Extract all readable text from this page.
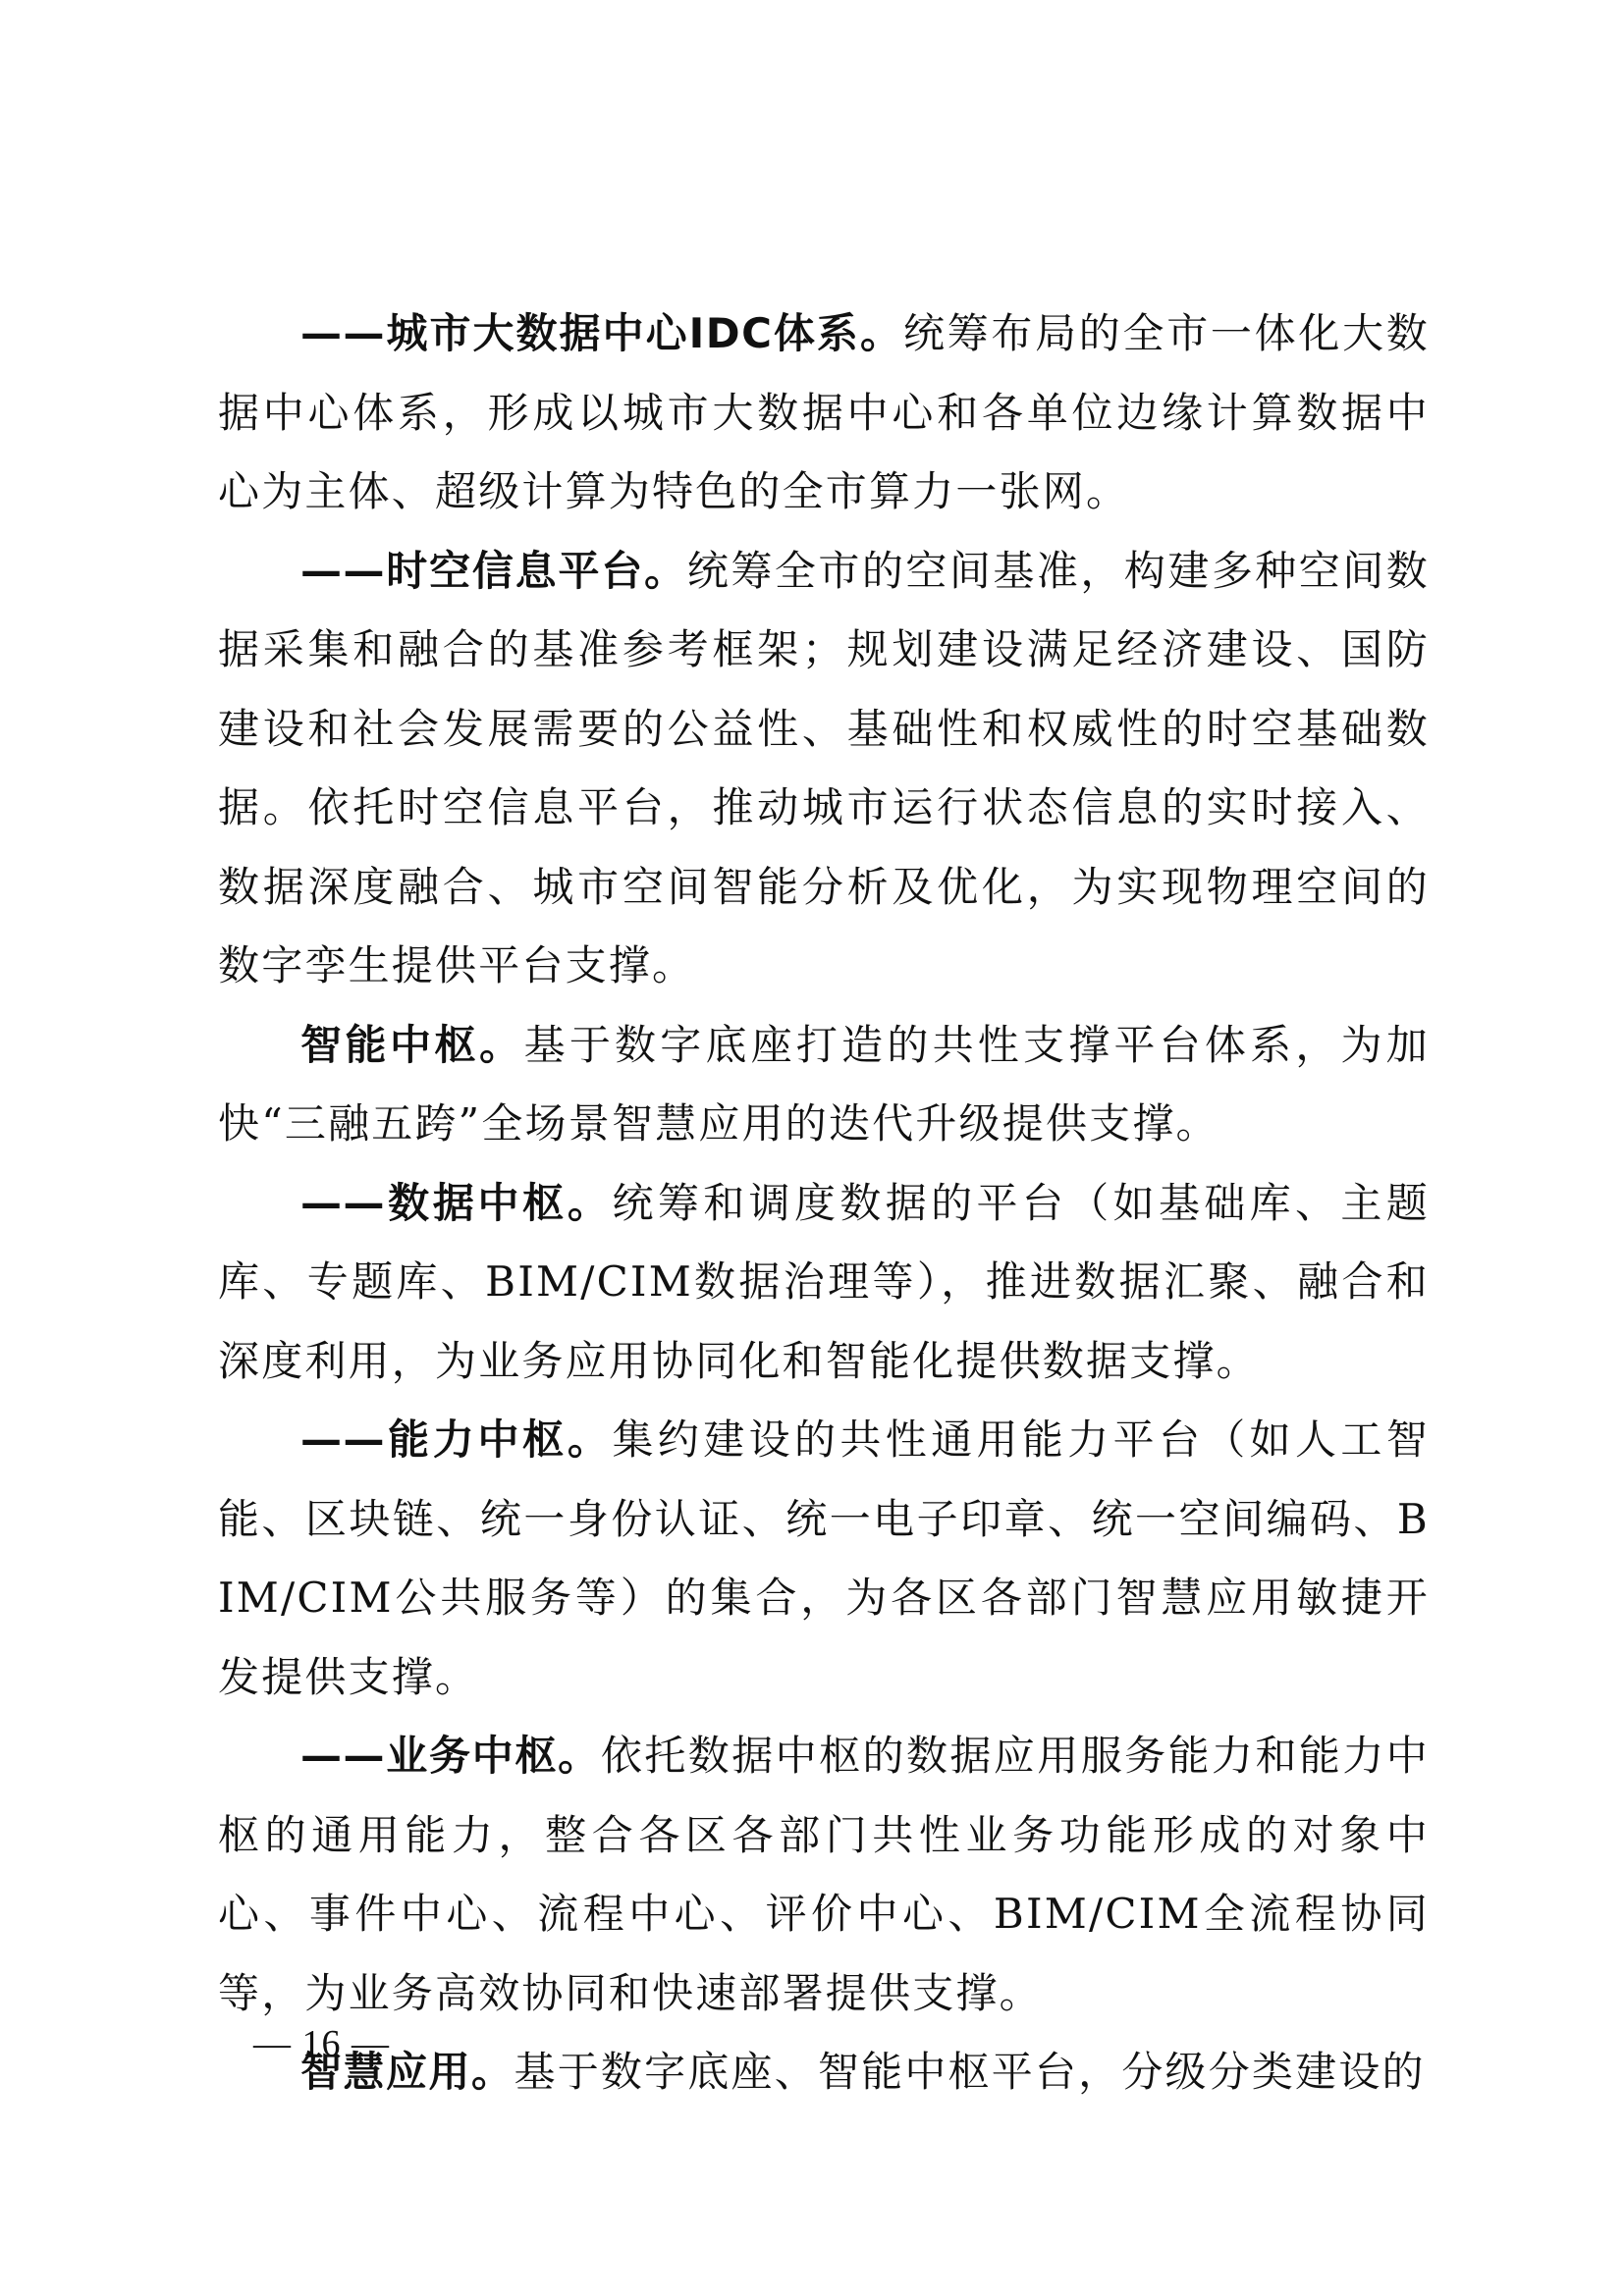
——城市大数据中心IDC体系。统筹布局的全市一体化大数据中心体系，形成以城市大数据中心和各单位边缘计算数据中心为主体、超级计算为特色的全市算力一张网。

——时空信息平台。统筹全市的空间基准，构建多种空间数据采集和融合的基准参考框架；规划建设满足经济建设、国防建设和社会发展需要的公益性、基础性和权威性的时空基础数据。依托时空信息平台，推动城市运行状态信息的实时接入、数据深度融合、城市空间智能分析及优化，为实现物理空间的数字孪生提供平台支撑。

智能中枢。基于数字底座打造的共性支撑平台体系，为加快“三融五跨”全场景智慧应用的迭代升级提供支撑。

——数据中枢。统筹和调度数据的平台（如基础库、主题库、专题库、BIM/CIM数据治理等），推进数据汇聚、融合和深度利用，为业务应用协同化和智能化提供数据支撑。

——能力中枢。集约建设的共性通用能力平台（如人工智能、区块链、统一身份认证、统一电子印章、统一空间编码、BIM/CIM公共服务等）的集合，为各区各部门智慧应用敏捷开发提供支撑。

——业务中枢。依托数据中枢的数据应用服务能力和能力中枢的通用能力，整合各区各部门共性业务功能形成的对象中心、事件中心、流程中心、评价中心、BIM/CIM全流程协同等，为业务高效协同和快速部署提供支撑。

智慧应用。基于数字底座、智能中枢平台，分级分类建设的

— 16 —
